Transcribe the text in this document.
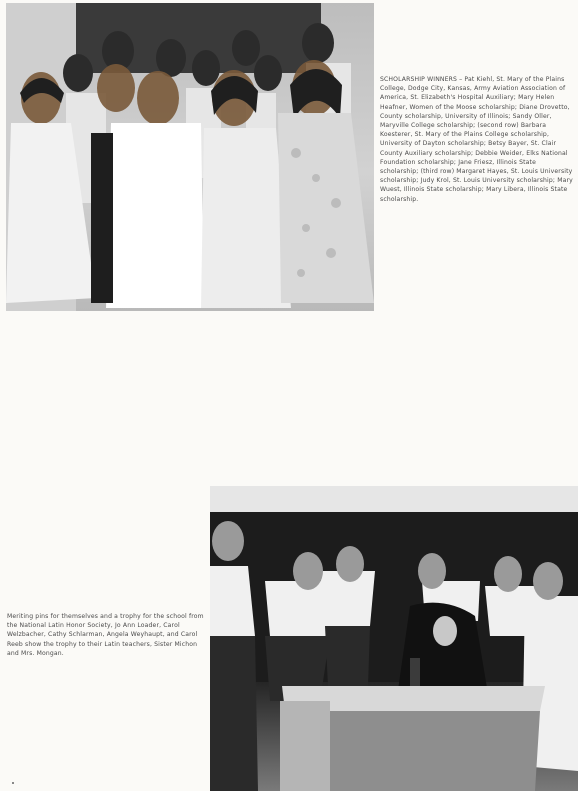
SCHOLARSHIP WINNERS – Pat Kiehl, St. Mary of the Plains College, Dodge City, Kansas, Army Aviation Association of America, St. Elizabeth's Hospital Auxiliary; Mary Helen Heafner, Women of the Moose scholarship; Diane Drovetto, County scholarship, University of Illinois; Sandy Oller, Maryville College scholarship; (second row) Barbara Koesterer, St. Mary of the Plains College scholarship, University of Dayton scholarship; Betsy Bayer, St. Clair County Auxiliary scholarship; Debbie Weider, Elks National Foundation scholarship; Jane Friesz, Illinois State scholarship; (third row) Margaret Hayes, St. Louis University scholarship; Judy Krol, St. Louis University scholarship; Mary Wuest, Illinois State scholarship; Mary Libera, Illinois State scholarship.

Meriting pins for themselves and a trophy for the school from the National Latin Honor Society, Jo Ann Loader, Carol Welzbacher, Cathy Schlarman, Angela Weyhaupt, and Carol Reeb show the trophy to their Latin teachers, Sister Michon and Mrs. Mongan.
